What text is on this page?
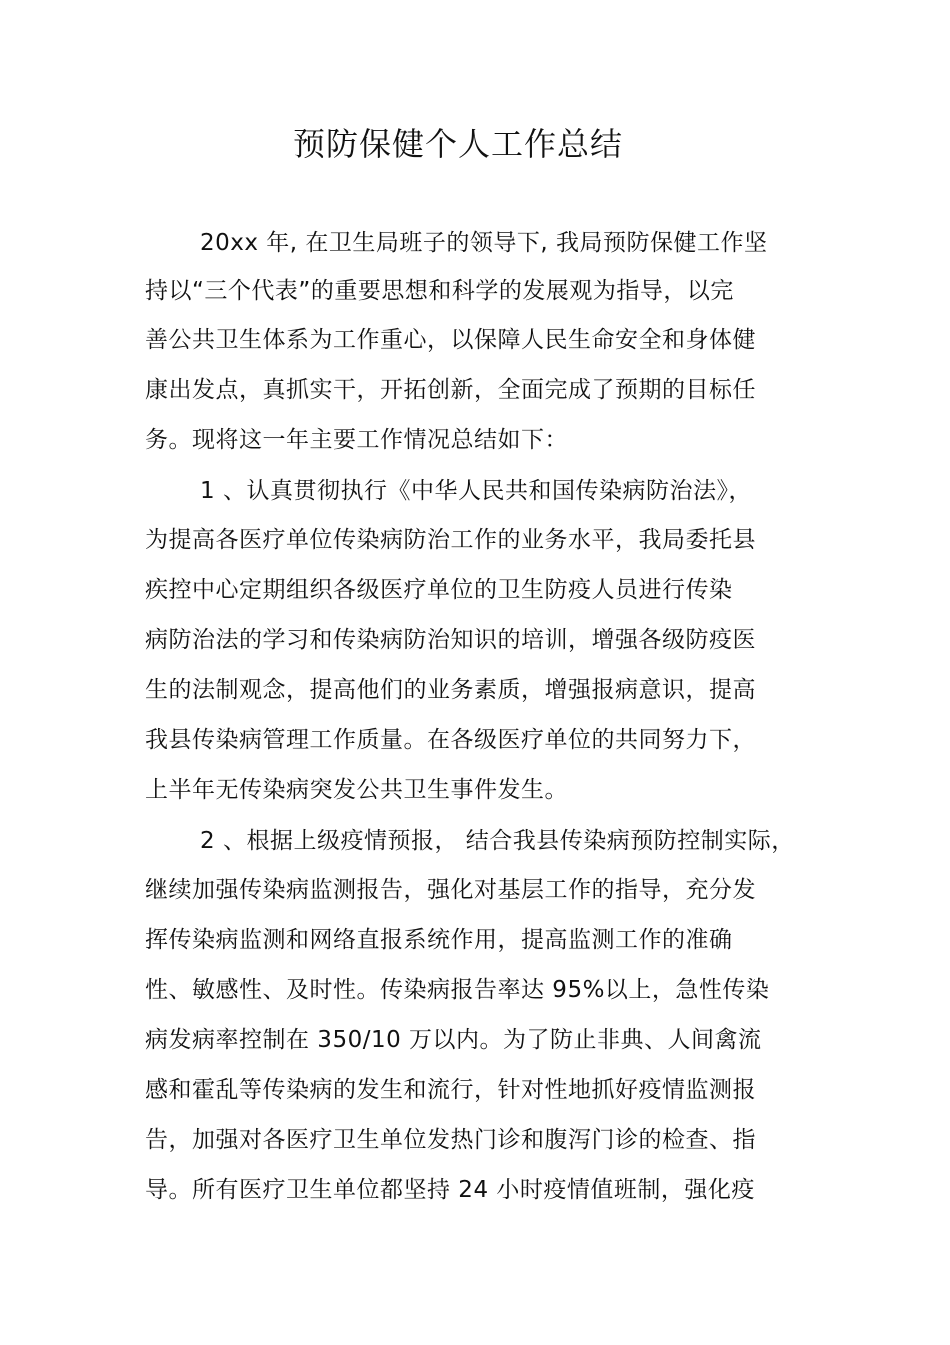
预防保健个人工作总结
20xx 年, 在卫生局班子的领导下, 我局预防保健工作坚
持以“三个代表”的重要思想和科学的发展观为指导，以完
善公共卫生体系为工作重心，以保障人民生命安全和身体健
康出发点，真抓实干，开拓创新，全面完成了预期的目标任
务。现将这一年主要工作情况总结如下：
1 、认真贯彻执行《中华人民共和国传染病防治法》，
为提高各医疗单位传染病防治工作的业务水平，我局委托县
疾控中心定期组织各级医疗单位的卫生防疫人员进行传染
病防治法的学习和传染病防治知识的培训，增强各级防疫医
生的法制观念，提高他们的业务素质，增强报病意识，提高
我县传染病管理工作质量。在各级医疗单位的共同努力下，
上半年无传染病突发公共卫生事件发生。
2 、根据上级疫情预报， 结合我县传染病预防控制实际，
继续加强传染病监测报告，强化对基层工作的指导，充分发
挥传染病监测和网络直报系统作用，提高监测工作的准确
性、敏感性、及时性。传染病报告率达 95%以上，急性传染
病发病率控制在 350/10 万以内。为了防止非典、人间禽流
感和霍乱等传染病的发生和流行，针对性地抓好疫情监测报
告，加强对各医疗卫生单位发热门诊和腹泻门诊的检查、指
导。所有医疗卫生单位都坚持 24 小时疫情值班制，强化疫
